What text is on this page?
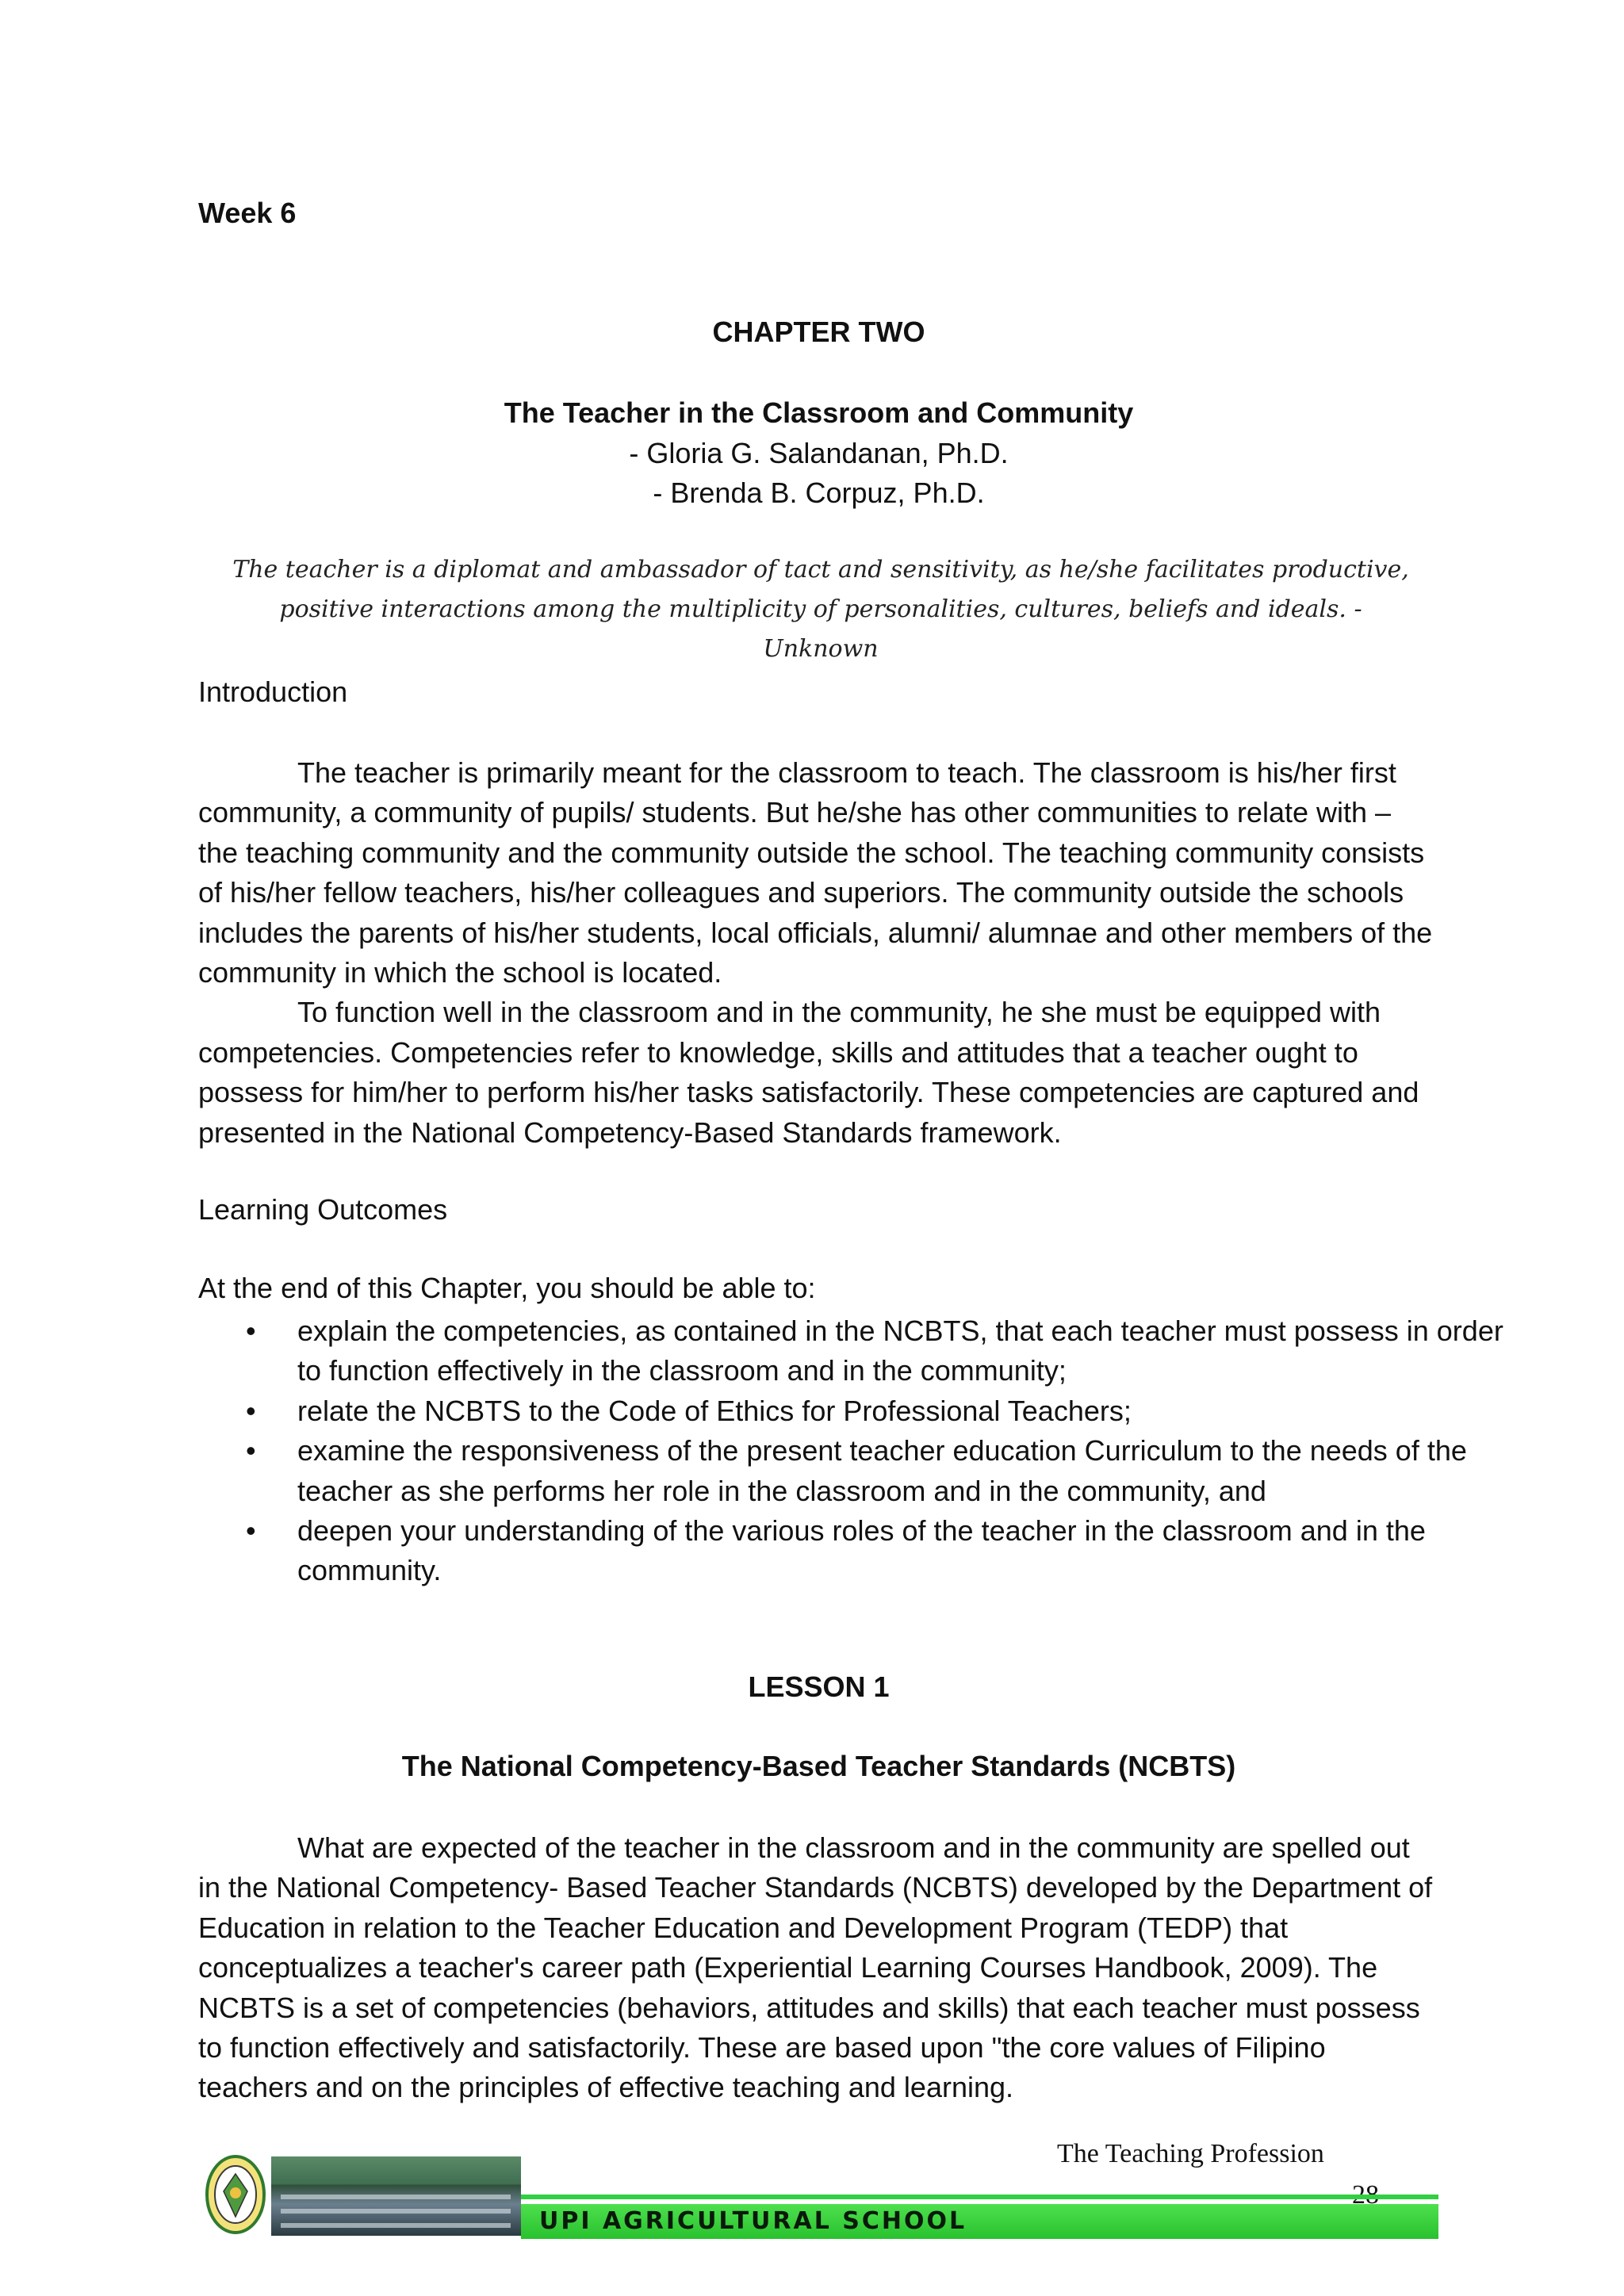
Week 6
CHAPTER TWO
The Teacher in the Classroom and Community
- Gloria G. Salandanan, Ph.D.
- Brenda B. Corpuz, Ph.D.
The teacher is a diplomat and ambassador of tact and sensitivity, as he/she facilitates productive, positive interactions among the multiplicity of personalities, cultures, beliefs and ideals. - Unknown
Introduction

The teacher is primarily meant for the classroom to teach. The classroom is his/her first community, a community of pupils/ students. But he/she has other communities to relate with – the teaching community and the community outside the school. The teaching community consists of his/her fellow teachers, his/her colleagues and superiors. The community outside the schools includes the parents of his/her students, local officials, alumni/ alumnae and other members of the community in which the school is located.

To function well in the classroom and in the community, he she must be equipped with competencies. Competencies refer to knowledge, skills and attitudes that a teacher ought to possess for him/her to perform his/her tasks satisfactorily. These competencies are captured and presented in the National Competency-Based Standards framework.

Learning Outcomes
At the end of this Chapter, you should be able to:
• explain the competencies, as contained in the NCBTS, that each teacher must possess in order to function effectively in the classroom and in the community;
• relate the NCBTS to the Code of Ethics for Professional Teachers;
• examine the responsiveness of the present teacher education Curriculum to the needs of the teacher as she performs her role in the classroom and in the community, and
• deepen your understanding of the various roles of the teacher in the classroom and in the community.
LESSON 1
The National Competency-Based Teacher Standards (NCBTS)

What are expected of the teacher in the classroom and in the community are spelled out in the National Competency- Based Teacher Standards (NCBTS) developed by the Department of Education in relation to the Teacher Education and Development Program (TEDP) that conceptualizes a teacher's career path (Experiential Learning Courses Handbook, 2009). The NCBTS is a set of competencies (behaviors, attitudes and skills) that each teacher must possess to function effectively and satisfactorily. These are based upon "the core values of Filipino teachers and on the principles of effective teaching and learning.

The Teaching Profession
UPI AGRICULTURAL SCHOOL
